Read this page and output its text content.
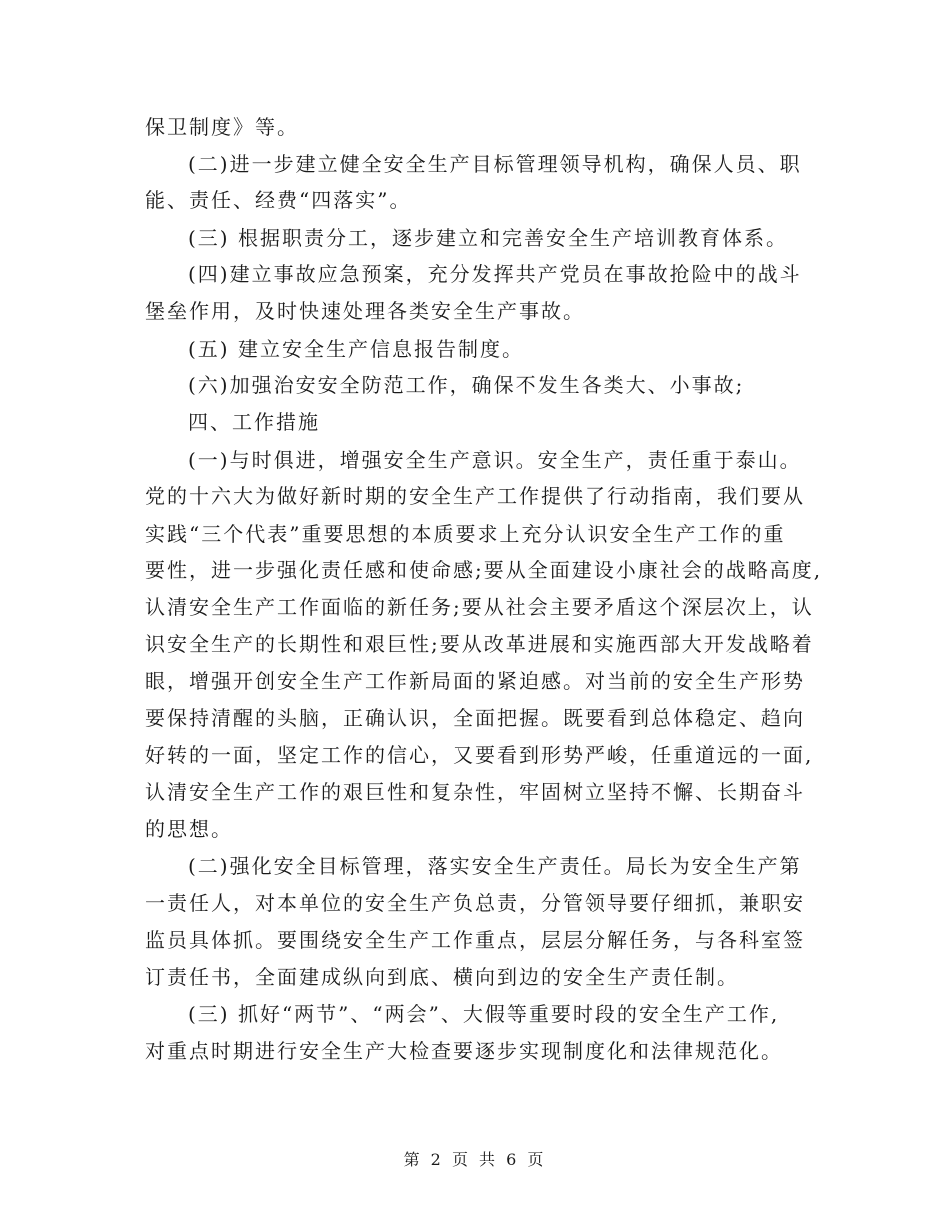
保卫制度》等。
(二)进一步建立健全安全生产目标管理领导机构，确保人员、职
能、责任、经费“四落实”。
(三) 根据职责分工，逐步建立和完善安全生产培训教育体系。
(四)建立事故应急预案，充分发挥共产党员在事故抢险中的战斗
堡垒作用，及时快速处理各类安全生产事故。
(五) 建立安全生产信息报告制度。
(六)加强治安安全防范工作，确保不发生各类大、小事故;
四、工作措施
(一)与时俱进，增强安全生产意识。安全生产，责任重于泰山。
党的十六大为做好新时期的安全生产工作提供了行动指南，我们要从
实践“三个代表”重要思想的本质要求上充分认识安全生产工作的重
要性，进一步强化责任感和使命感;要从全面建设小康社会的战略高度,
认清安全生产工作面临的新任务;要从社会主要矛盾这个深层次上，认
识安全生产的长期性和艰巨性;要从改革进展和实施西部大开发战略着
眼，增强开创安全生产工作新局面的紧迫感。对当前的安全生产形势
要保持清醒的头脑，正确认识，全面把握。既要看到总体稳定、趋向
好转的一面，坚定工作的信心，又要看到形势严峻，任重道远的一面,
认清安全生产工作的艰巨性和复杂性，牢固树立坚持不懈、长期奋斗
的思想。
(二)强化安全目标管理，落实安全生产责任。局长为安全生产第
一责任人，对本单位的安全生产负总责，分管领导要仔细抓，兼职安
监员具体抓。要围绕安全生产工作重点，层层分解任务，与各科室签
订责任书，全面建成纵向到底、横向到边的安全生产责任制。
(三) 抓好“两节”、“两会”、大假等重要时段的安全生产工作,
对重点时期进行安全生产大检查要逐步实现制度化和法律规范化。
第 2 页 共 6 页
